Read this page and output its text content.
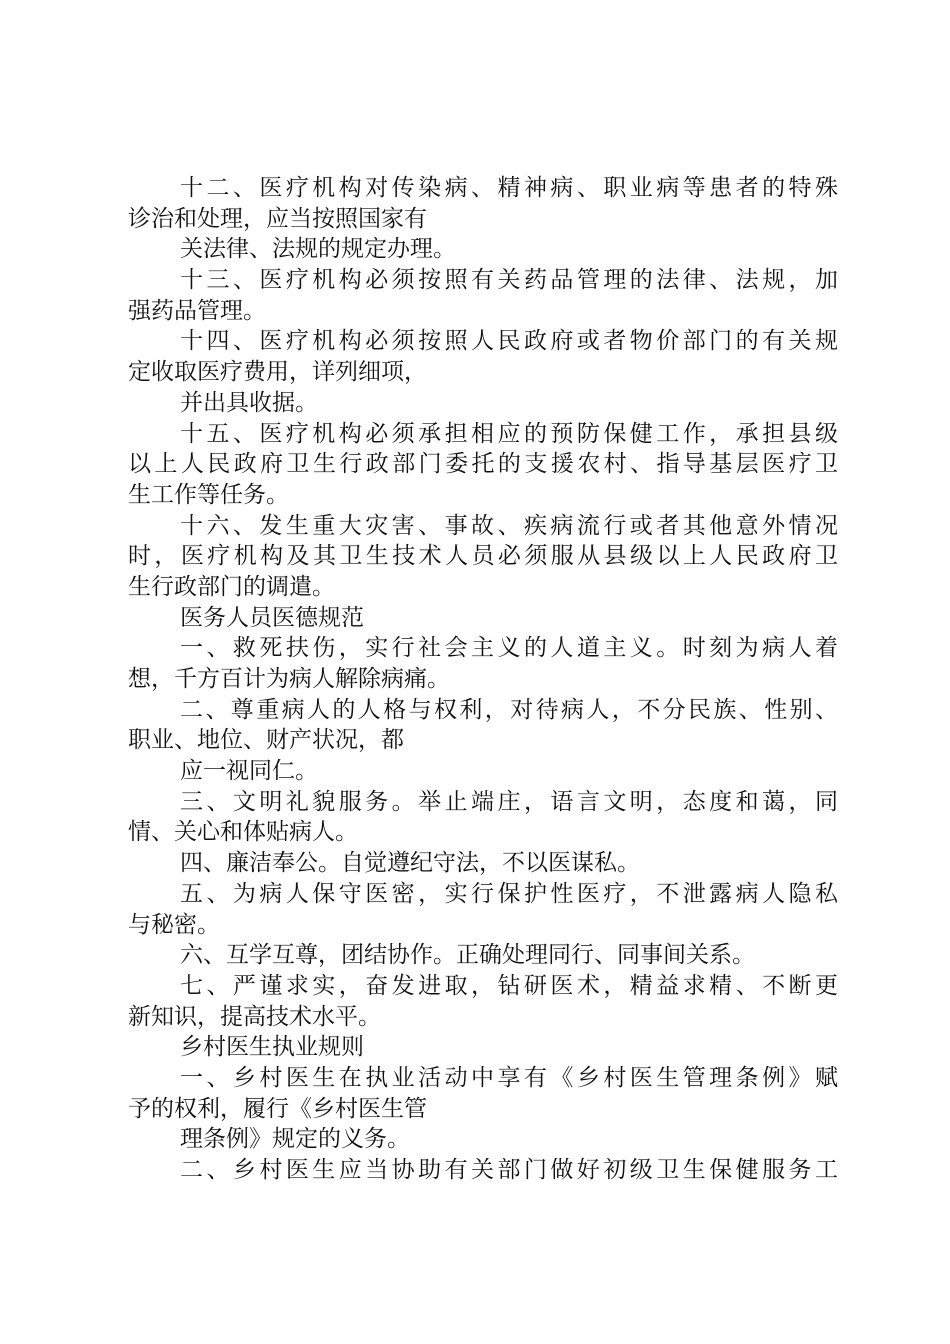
十二、医疗机构对传染病、精神病、职业病等患者的特殊
诊治和处理，应当按照国家有
关法律、法规的规定办理。
十三、医疗机构必须按照有关药品管理的法律、法规，加
强药品管理。
十四、医疗机构必须按照人民政府或者物价部门的有关规
定收取医疗费用，详列细项，
并出具收据。
十五、医疗机构必须承担相应的预防保健工作，承担县级
以上人民政府卫生行政部门委托的支援农村、指导基层医疗卫
生工作等任务。
十六、发生重大灾害、事故、疾病流行或者其他意外情况
时，医疗机构及其卫生技术人员必须服从县级以上人民政府卫
生行政部门的调遣。
医务人员医德规范
一、救死扶伤，实行社会主义的人道主义。时刻为病人着
想，千方百计为病人解除病痛。
二、尊重病人的人格与权利，对待病人，不分民族、性别、
职业、地位、财产状况，都
应一视同仁。
三、文明礼貌服务。举止端庄，语言文明，态度和蔼，同
情、关心和体贴病人。
四、廉洁奉公。自觉遵纪守法，不以医谋私。
五、为病人保守医密，实行保护性医疗，不泄露病人隐私
与秘密。
六、互学互尊，团结协作。正确处理同行、同事间关系。
七、严谨求实，奋发进取，钻研医术，精益求精、不断更
新知识，提高技术水平。
乡村医生执业规则
一、乡村医生在执业活动中享有《乡村医生管理条例》赋
予的权利，履行《乡村医生管
理条例》规定的义务。
二、乡村医生应当协助有关部门做好初级卫生保健服务工
